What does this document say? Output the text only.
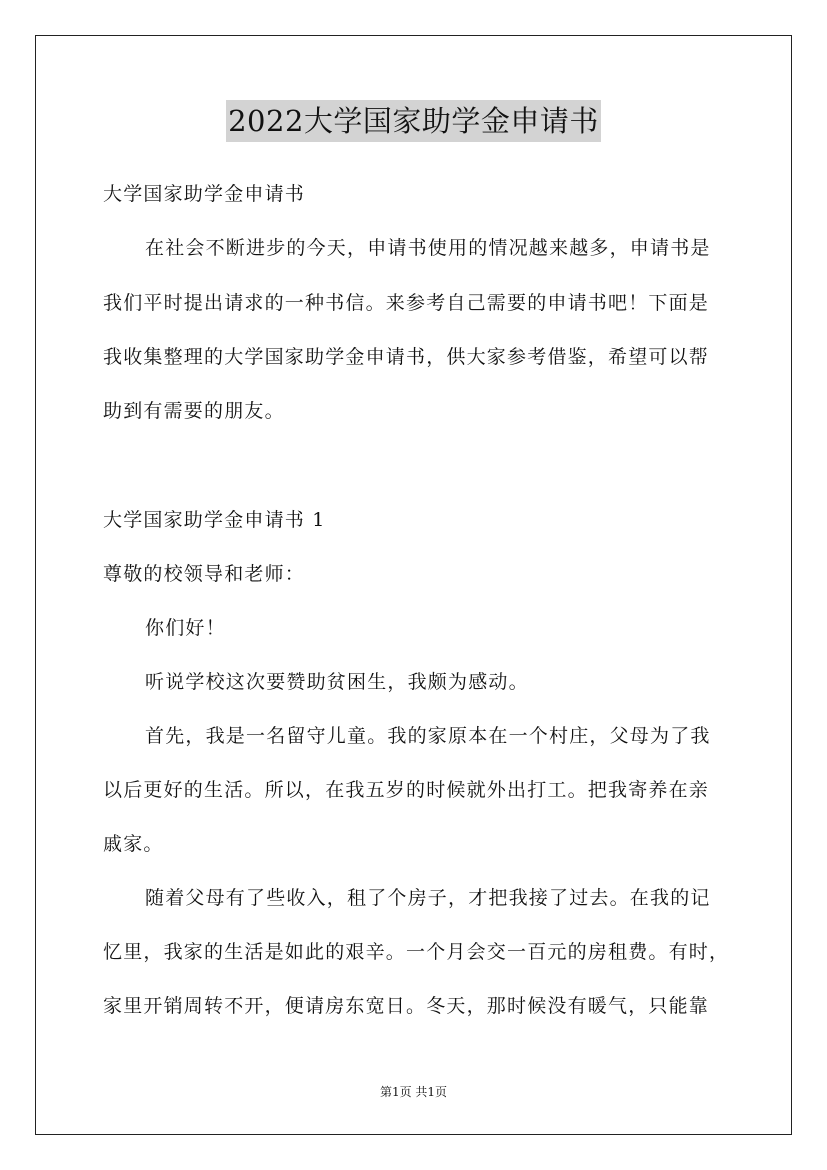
2022大学国家助学金申请书
大学国家助学金申请书
在社会不断进步的今天，申请书使用的情况越来越多，申请书是
我们平时提出请求的一种书信。来参考自己需要的申请书吧！下面是
我收集整理的大学国家助学金申请书，供大家参考借鉴，希望可以帮
助到有需要的朋友。
大学国家助学金申请书 1
尊敬的校领导和老师：
你们好！
听说学校这次要赞助贫困生，我颇为感动。
首先，我是一名留守儿童。我的家原本在一个村庄，父母为了我
以后更好的生活。所以，在我五岁的时候就外出打工。把我寄养在亲
戚家。
随着父母有了些收入，租了个房子，才把我接了过去。在我的记
忆里，我家的生活是如此的艰辛。一个月会交一百元的房租费。有时，
家里开销周转不开，便请房东宽日。冬天，那时候没有暖气，只能靠
第1页 共1页
